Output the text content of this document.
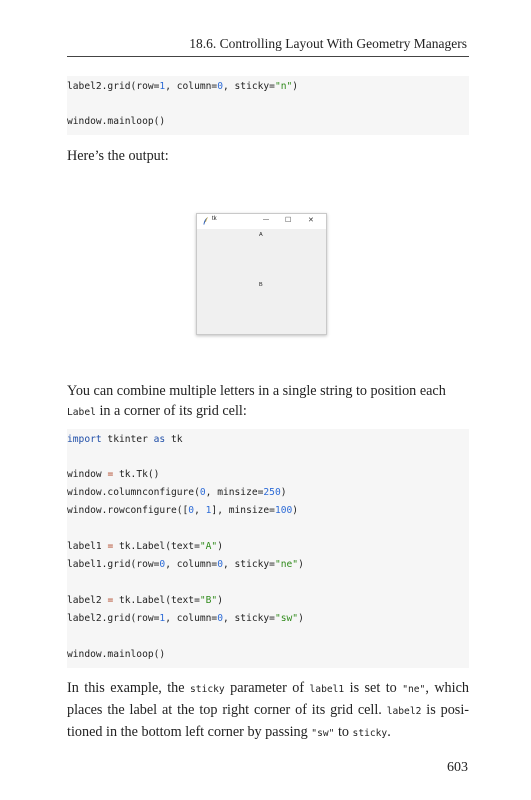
18.6. Controlling Layout With Geometry Managers
label2.grid(row=1, column=0, sticky="n")
window.mainloop()

Here’s the output:

tk	— ☐ ✕
A
B

You can combine multiple letters in a single string to position each
Label in a corner of its grid cell:

import tkinter as tk
window = tk.Tk()
window.columnconfigure(0, minsize=250)
window.rowconfigure([0, 1], minsize=100)
label1 = tk.Label(text="A")
label1.grid(row=0, column=0, sticky="ne")
label2 = tk.Label(text="B")
label2.grid(row=1, column=0, sticky="sw")
window.mainloop()

In this example, the sticky parameter of label1 is set to "ne", which places the label at the top right corner of its grid cell. label2 is posi-tioned in the bottom left corner by passing "sw" to sticky.

603
